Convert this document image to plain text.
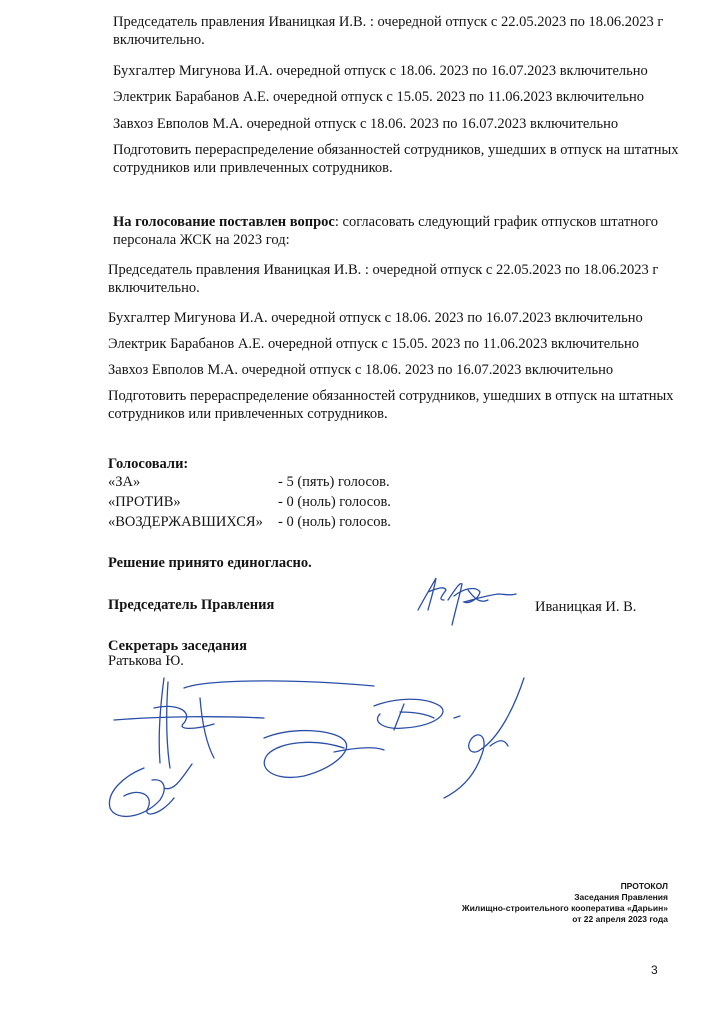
Председатель правления Иваницкая И.В. : очередной отпуск с 22.05.2023 по 18.06.2023 г включительно.

Бухгалтер Мигунова И.А. очередной отпуск с 18.06. 2023 по 16.07.2023 включительно

Электрик Барабанов А.Е. очередной отпуск с 15.05. 2023 по 11.06.2023 включительно

Завхоз Евполов М.А. очередной отпуск с 18.06. 2023 по 16.07.2023 включительно

Подготовить перераспределение обязанностей сотрудников, ушедших в отпуск на штатных сотрудников или привлеченных сотрудников.

На голосование поставлен вопрос: согласовать следующий график отпусков штатного персонала ЖСК на 2023 год:

Председатель правления Иваницкая И.В. : очередной отпуск с 22.05.2023 по 18.06.2023 г включительно.

Бухгалтер Мигунова И.А. очередной отпуск с 18.06. 2023 по 16.07.2023 включительно

Электрик Барабанов А.Е. очередной отпуск с 15.05. 2023 по 11.06.2023 включительно

Завхоз Евполов М.А. очередной отпуск с 18.06. 2023 по 16.07.2023 включительно

Подготовить перераспределение обязанностей сотрудников, ушедших в отпуск на штатных сотрудников или привлеченных сотрудников.

Голосовали:

«ЗА»	- 5 (пять) голосов.
«ПРОТИВ»	- 0 (ноль) голосов.
«ВОЗДЕРЖАВШИХСЯ» - 0 (ноль) голосов.

Решение принято единогласно.

Председатель Правления	Иваницкая И. В.

Секретарь заседания

Ратькова Ю.

ПРОТОКОЛ
Заседания Правления
Жилищно-строительного кооператива «Дарьин»
от 22 апреля 2023 года
3
